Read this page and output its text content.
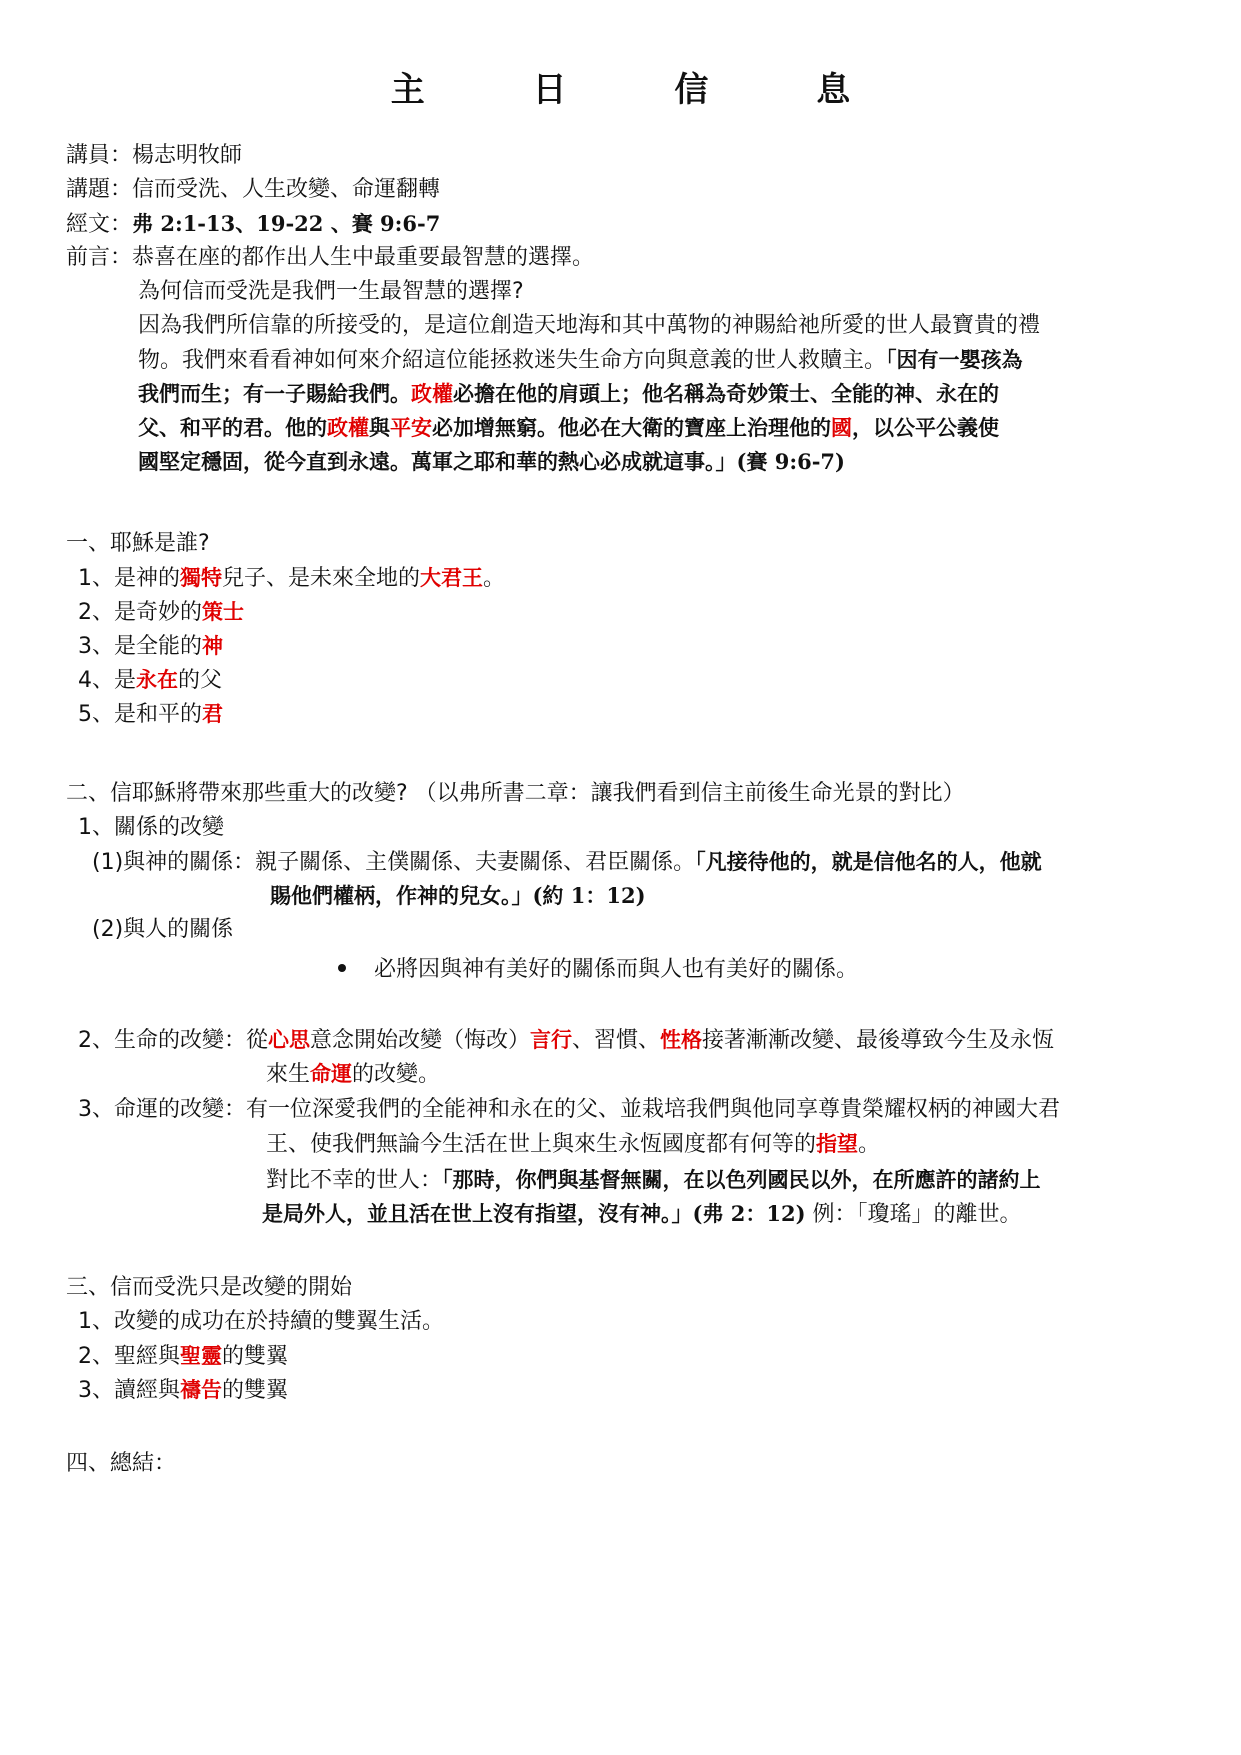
主 日 信 息
講員：楊志明牧師
講題：信而受洗、人生改變、命運翻轉
經文：弗 2:1-13、19-22 、賽 9:6-7
前言：恭喜在座的都作出人生中最重要最智慧的選擇。
為何信而受洗是我們一生最智慧的選擇?
因為我們所信靠的所接受的，是這位創造天地海和其中萬物的神賜給祂所愛的世人最寶貴的禮
物。我們來看看神如何來介紹這位能拯救迷失生命方向與意義的世人救贖主。「因有一嬰孩為
我們而生；有一子賜給我們。政權必擔在他的肩頭上；他名稱為奇妙策士、全能的神、永在的
父、和平的君。他的政權與平安必加增無窮。他必在大衛的寶座上治理他的國，以公平公義使
國堅定穩固，從今直到永遠。萬軍之耶和華的熱心必成就這事。」(賽 9:6-7)
一、耶穌是誰?
1、是神的獨特兒子、是未來全地的大君王。
2、是奇妙的策士
3、是全能的神
4、是永在的父
5、是和平的君
二、信耶穌將帶來那些重大的改變? （以弗所書二章：讓我們看到信主前後生命光景的對比）
1、關係的改變
(1)與神的關係：親子關係、主僕關係、夫妻關係、君臣關係。「凡接待他的，就是信他名的人，他就
賜他們權柄，作神的兒女。」(約 1：12)
(2)與人的關係
必將因與神有美好的關係而與人也有美好的關係。
2、生命的改變：從心思意念開始改變（悔改）言行、習慣、性格接著漸漸改變、最後導致今生及永恆
來生命運的改變。
3、命運的改變：有一位深愛我們的全能神和永在的父、並栽培我們與他同享尊貴榮耀权柄的神國大君
王、使我們無論今生活在世上與來生永恆國度都有何等的指望。
對比不幸的世人：「那時，你們與基督無關，在以色列國民以外，在所應許的諸約上
是局外人，並且活在世上沒有指望，沒有神。」(弗 2：12) 例：「瓊瑤」的離世。
三、信而受洗只是改變的開始
1、改變的成功在於持續的雙翼生活。
2、聖經與聖靈的雙翼
3、讀經與禱告的雙翼
四、總結：
